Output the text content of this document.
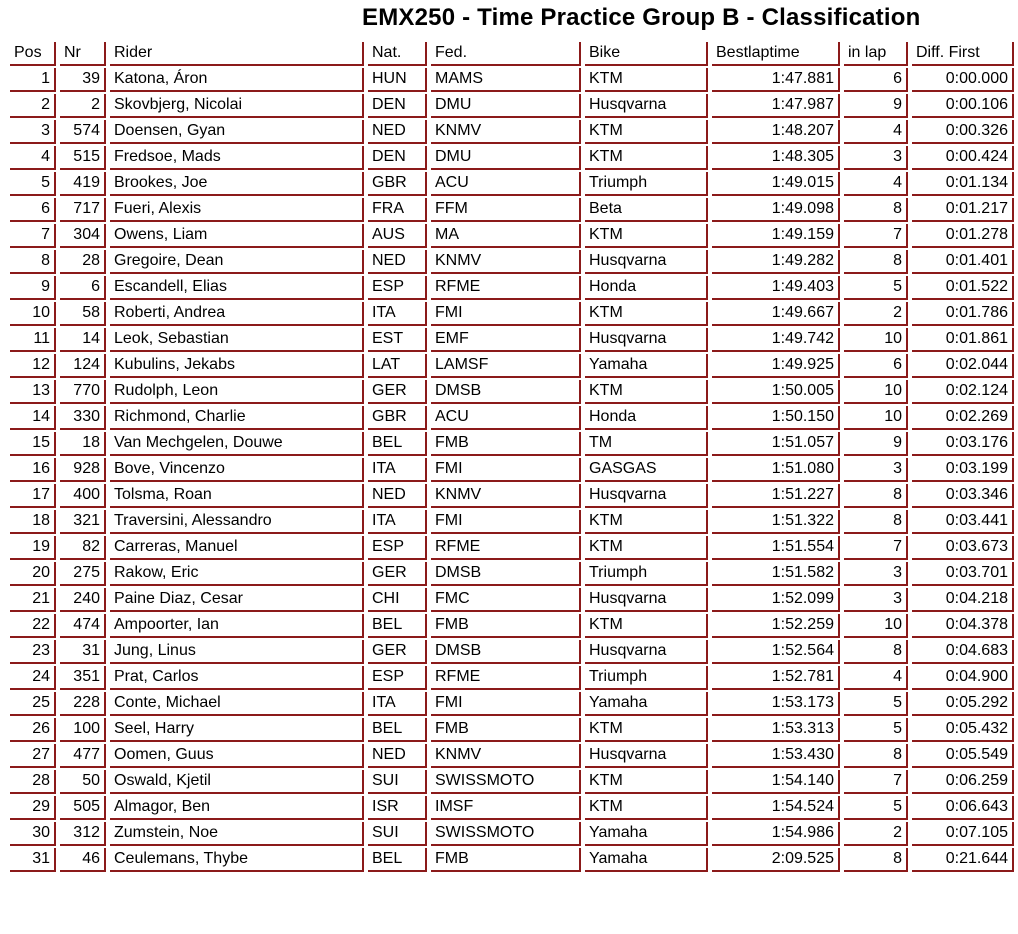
EMX250 - Time Practice Group B - Classification
Pos	Nr	Rider	Nat.	Fed.	Bike	Bestlaptime	in lap	Diff. First
1	39	Katona, Áron	HUN	MAMS	KTM	1:47.881	6	0:00.000
2	2	Skovbjerg, Nicolai	DEN	DMU	Husqvarna	1:47.987	9	0:00.106
3	574	Doensen, Gyan	NED	KNMV	KTM	1:48.207	4	0:00.326
4	515	Fredsoe, Mads	DEN	DMU	KTM	1:48.305	3	0:00.424
5	419	Brookes, Joe	GBR	ACU	Triumph	1:49.015	4	0:01.134
6	717	Fueri, Alexis	FRA	FFM	Beta	1:49.098	8	0:01.217
7	304	Owens, Liam	AUS	MA	KTM	1:49.159	7	0:01.278
8	28	Gregoire, Dean	NED	KNMV	Husqvarna	1:49.282	8	0:01.401
9	6	Escandell, Elias	ESP	RFME	Honda	1:49.403	5	0:01.522
10	58	Roberti, Andrea	ITA	FMI	KTM	1:49.667	2	0:01.786
11	14	Leok, Sebastian	EST	EMF	Husqvarna	1:49.742	10	0:01.861
12	124	Kubulins, Jekabs	LAT	LAMSF	Yamaha	1:49.925	6	0:02.044
13	770	Rudolph, Leon	GER	DMSB	KTM	1:50.005	10	0:02.124
14	330	Richmond, Charlie	GBR	ACU	Honda	1:50.150	10	0:02.269
15	18	Van Mechgelen, Douwe	BEL	FMB	TM	1:51.057	9	0:03.176
16	928	Bove, Vincenzo	ITA	FMI	GASGAS	1:51.080	3	0:03.199
17	400	Tolsma, Roan	NED	KNMV	Husqvarna	1:51.227	8	0:03.346
18	321	Traversini, Alessandro	ITA	FMI	KTM	1:51.322	8	0:03.441
19	82	Carreras, Manuel	ESP	RFME	KTM	1:51.554	7	0:03.673
20	275	Rakow, Eric	GER	DMSB	Triumph	1:51.582	3	0:03.701
21	240	Paine Diaz, Cesar	CHI	FMC	Husqvarna	1:52.099	3	0:04.218
22	474	Ampoorter, Ian	BEL	FMB	KTM	1:52.259	10	0:04.378
23	31	Jung, Linus	GER	DMSB	Husqvarna	1:52.564	8	0:04.683
24	351	Prat, Carlos	ESP	RFME	Triumph	1:52.781	4	0:04.900
25	228	Conte, Michael	ITA	FMI	Yamaha	1:53.173	5	0:05.292
26	100	Seel, Harry	BEL	FMB	KTM	1:53.313	5	0:05.432
27	477	Oomen, Guus	NED	KNMV	Husqvarna	1:53.430	8	0:05.549
28	50	Oswald, Kjetil	SUI	SWISSMOTO	KTM	1:54.140	7	0:06.259
29	505	Almagor, Ben	ISR	IMSF	KTM	1:54.524	5	0:06.643
30	312	Zumstein, Noe	SUI	SWISSMOTO	Yamaha	1:54.986	2	0:07.105
31	46	Ceulemans, Thybe	BEL	FMB	Yamaha	2:09.525	8	0:21.644
